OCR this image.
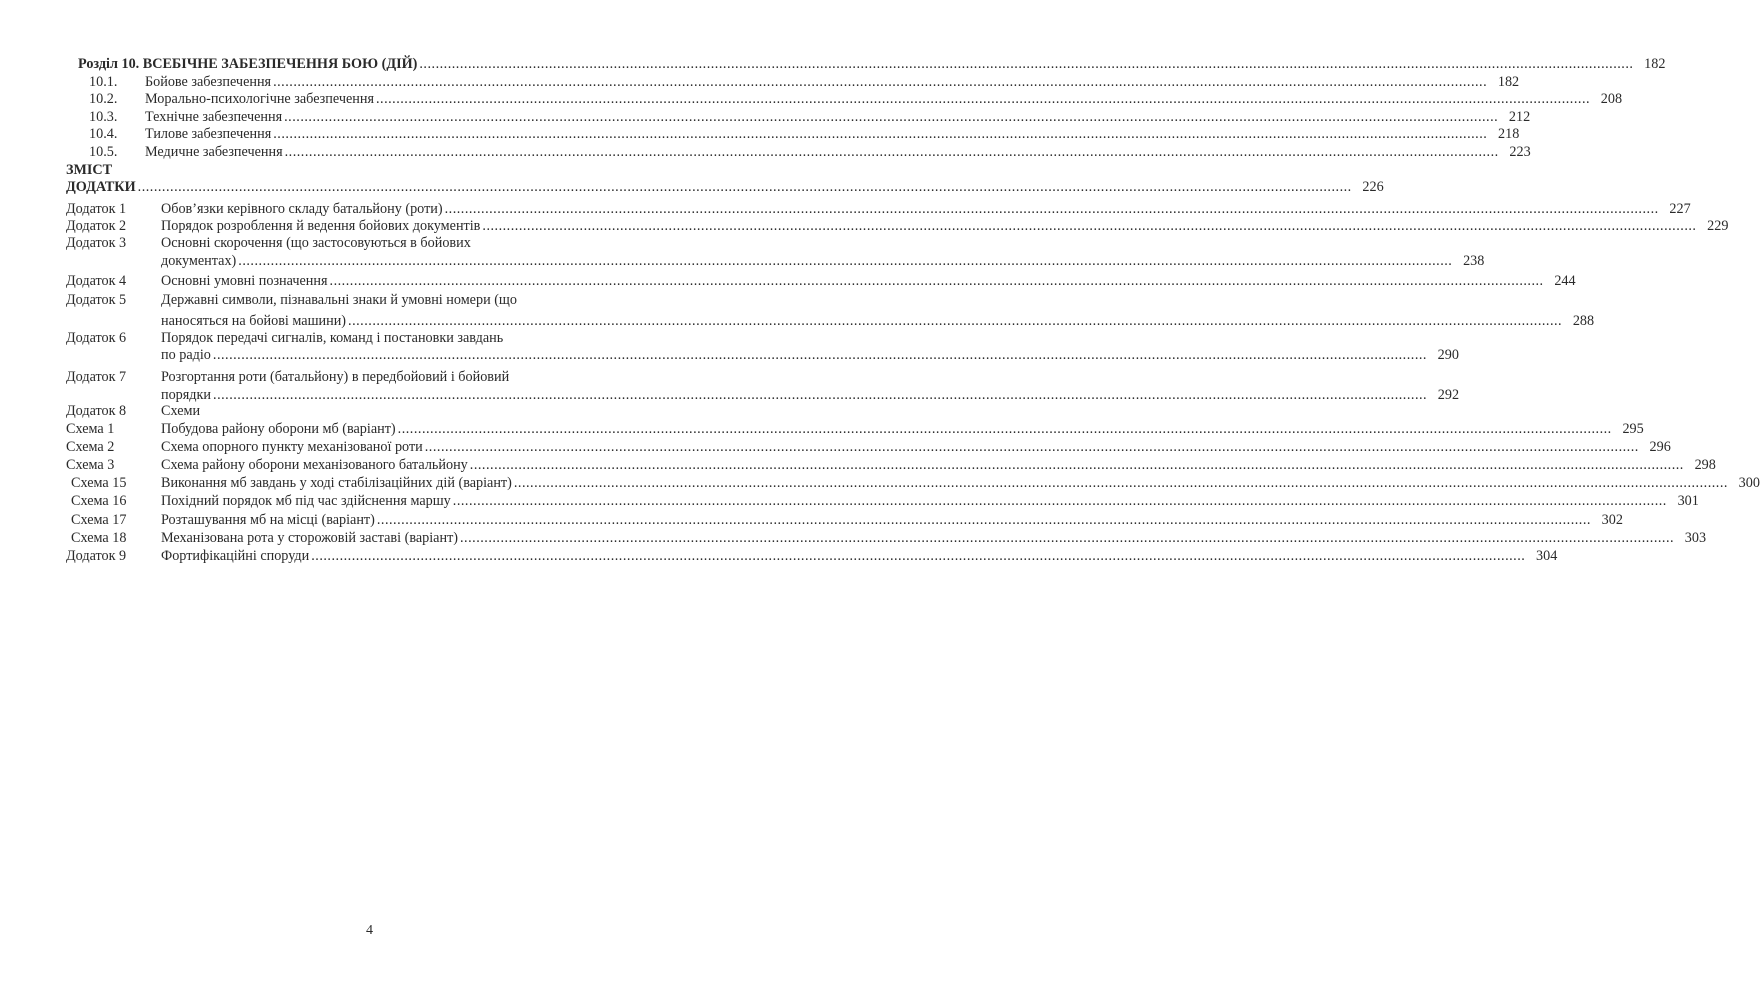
Розділ 10. ВСЕБІЧНЕ ЗАБЕЗПЕЧЕННЯ БОЮ (ДІЙ) ............................................................................................................................................................................................................................................................................................................ 182
10.1. Бойове забезпечення ............................................................................................................................................................................................................................................................................................................ 182
10.2. Морально-психологічне забезпечення ............................................................................................................................................................................................................................................................................................................ 208
10.3. Технічне забезпечення ............................................................................................................................................................................................................................................................................................................ 212
10.4. Тилове забезпечення ............................................................................................................................................................................................................................................................................................................ 218
10.5. Медичне забезпечення ............................................................................................................................................................................................................................................................................................................ 223
ЗМІСТ
ДОДАТКИ ............................................................................................................................................................................................................................................................................................................ 226
Додаток 1 Обов’язки керівного складу батальйону (роти) ............................................................................................................................................................................................................................................................................................................ 227
Додаток 2 Порядок розроблення й ведення бойових документів ............................................................................................................................................................................................................................................................................................................ 229
Додаток 3 Основні скорочення (що застосовуються в бойових
документах) ............................................................................................................................................................................................................................................................................................................ 238
Додаток 4 Основні умовні позначення ............................................................................................................................................................................................................................................................................................................ 244
Додаток 5 Державні символи, пізнавальні знаки й умовні номери (що
наносяться на бойові машини) ............................................................................................................................................................................................................................................................................................................ 288
Додаток 6 Порядок передачі сигналів, команд і постановки завдань
по радіо ............................................................................................................................................................................................................................................................................................................ 290
Додаток 7 Розгортання роти (батальйону) в передбойовий і бойовий
порядки ............................................................................................................................................................................................................................................................................................................ 292
Додаток 8 Схеми
Схема 1	Побудова району оборони мб (варіант) ............................................................................................................................................................................................................................................................................................................ 295
Схема 2	Схема опорного пункту механізованої роти ............................................................................................................................................................................................................................................................................................................ 296
Схема 3	Схема району оборони механізованого батальйону ............................................................................................................................................................................................................................................................................................................ 298
Схема 15 Виконання мб завдань у ході стабілізаційних дій (варіант) ............................................................................................................................................................................................................................................................................................................ 300
Схема 16 Похідний порядок мб під час здійснення маршу ............................................................................................................................................................................................................................................................................................................ 301
Схема 17 Розташування мб на місці (варіант) ............................................................................................................................................................................................................................................................................................................ 302
Схема 18 Механізована рота у сторожовій заставі (варіант) ............................................................................................................................................................................................................................................................................................................ 303
Додаток 9 Фортифікаційні споруди ............................................................................................................................................................................................................................................................................................................ 304
4
